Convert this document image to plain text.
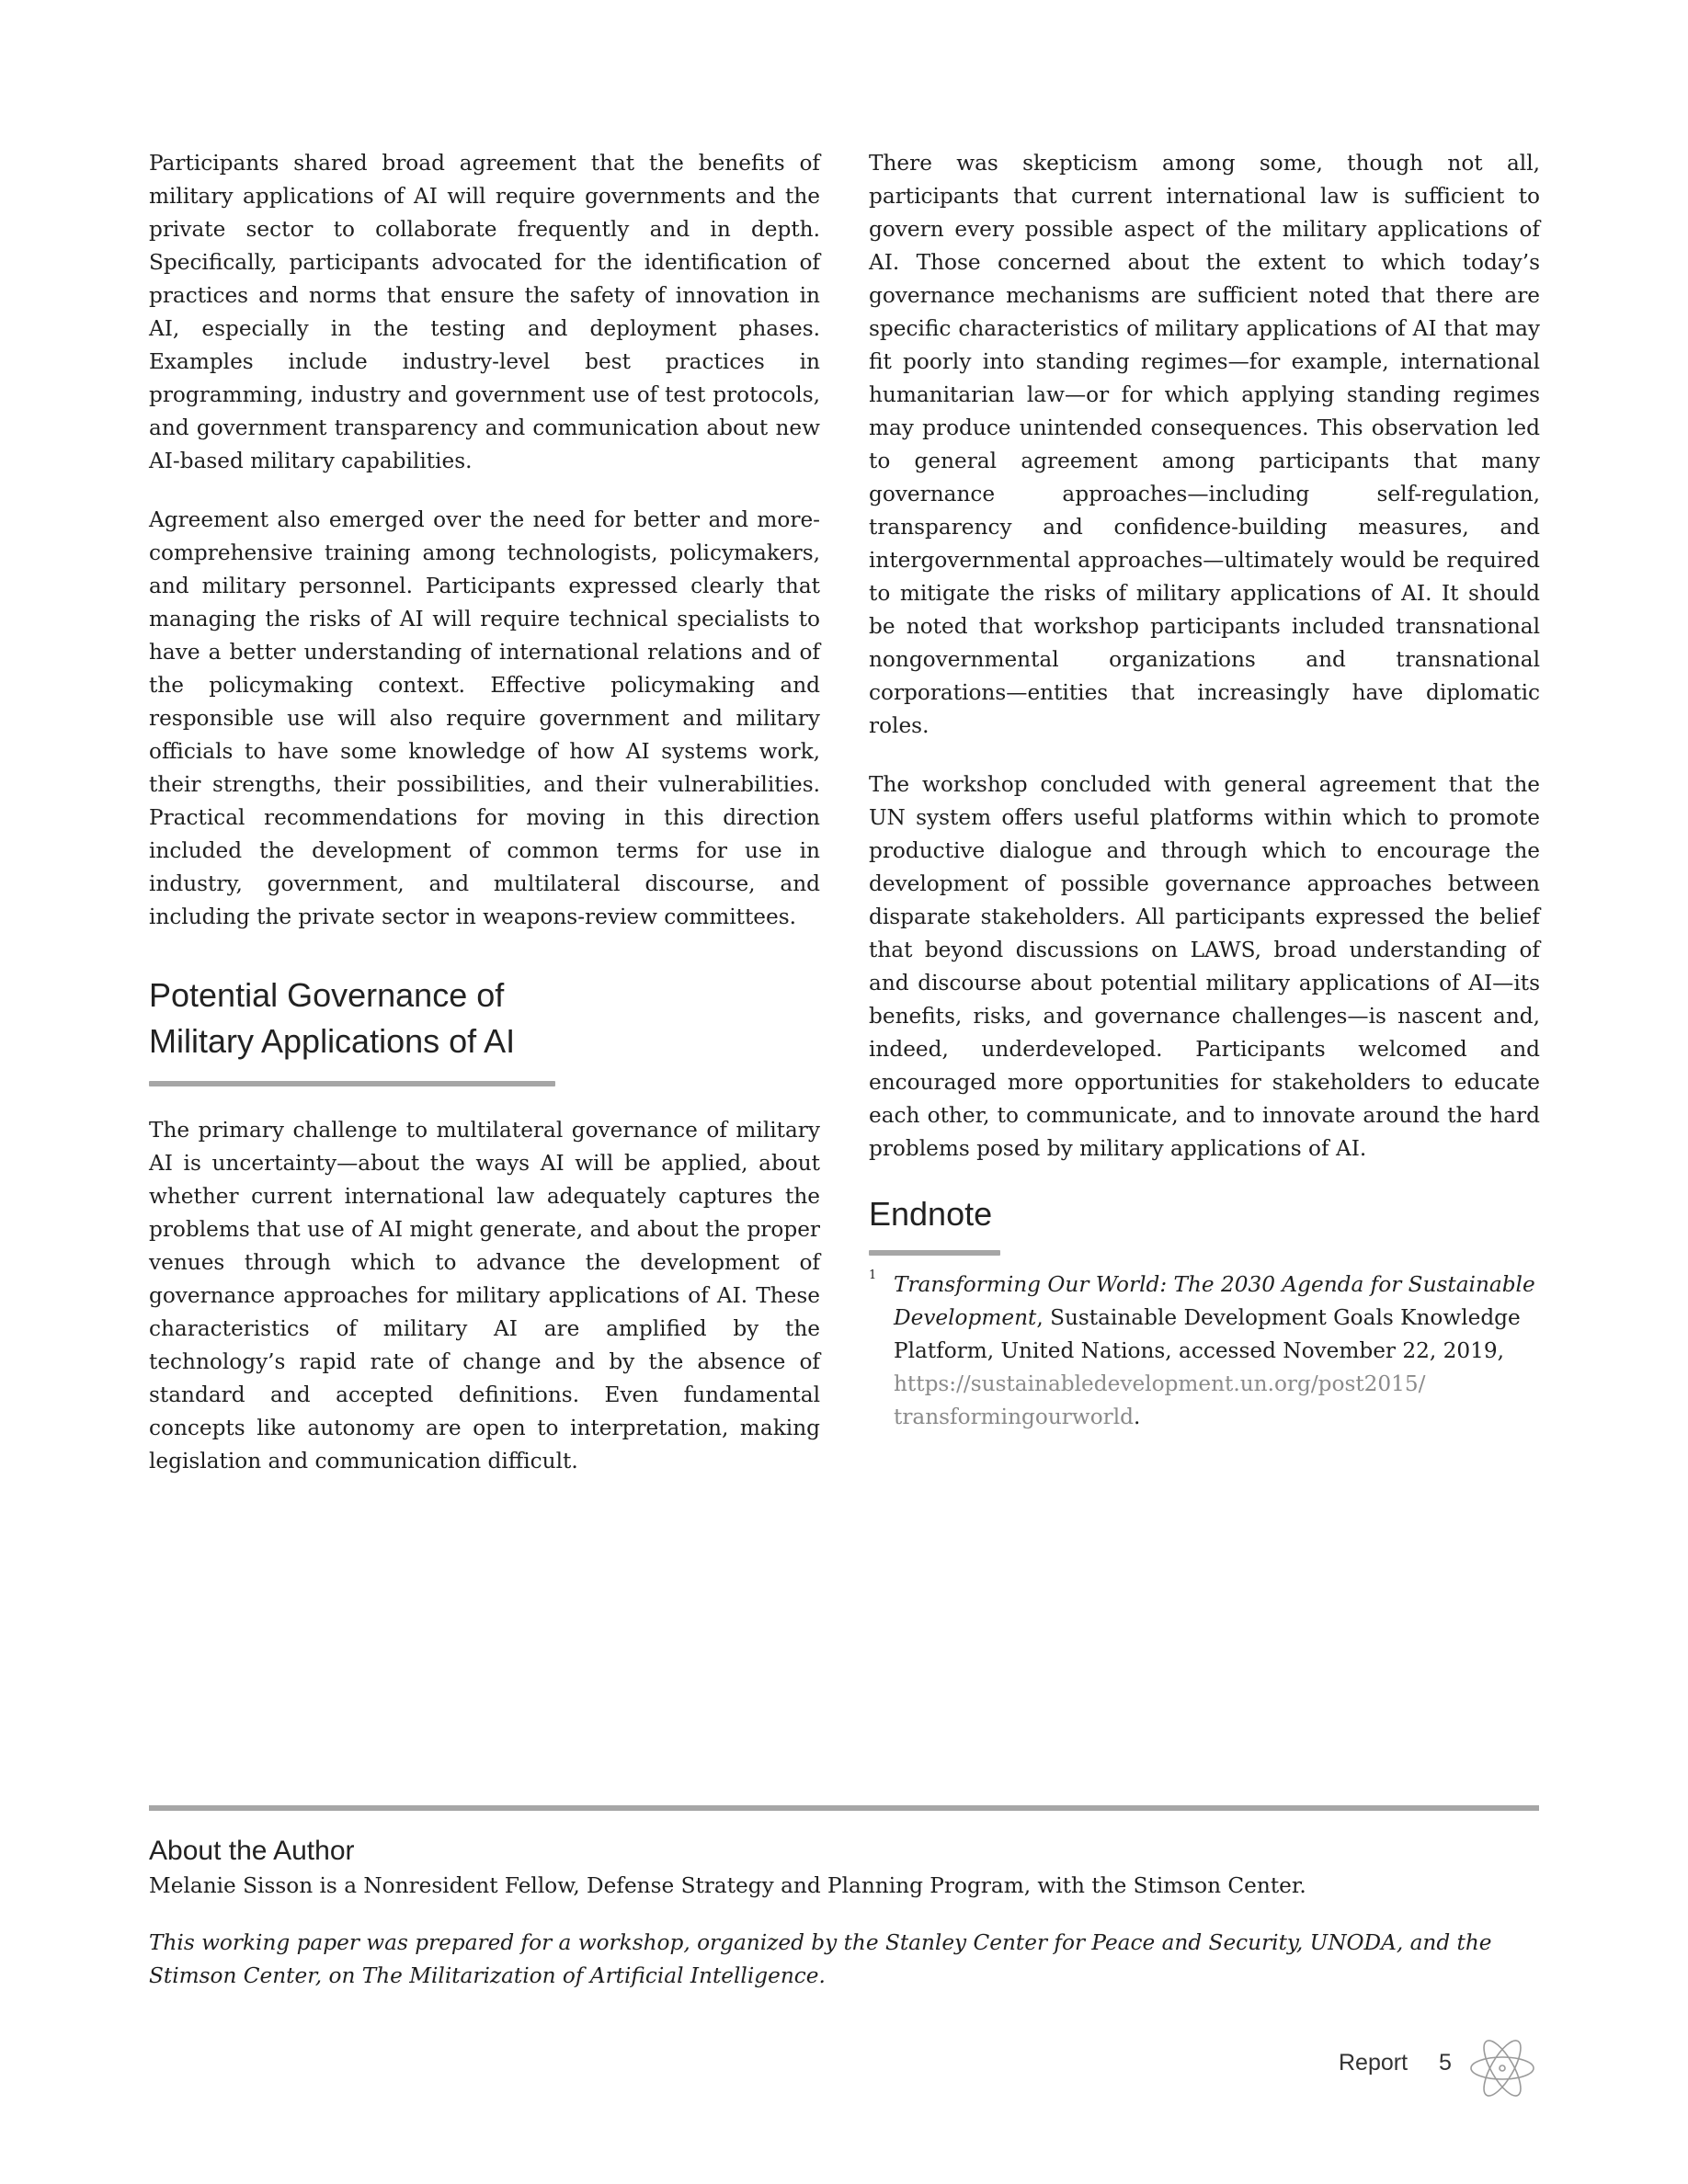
Participants shared broad agreement that the benefits of military applications of AI will require governments and the private sector to collaborate frequently and in depth. Specifically, participants advocated for the identification of practices and norms that ensure the safety of innovation in AI, especially in the testing and deployment phases. Examples include industry-level best practices in programming, industry and government use of test protocols, and government transparency and communication about new AI-based military capabilities.

Agreement also emerged over the need for better and more-comprehensive training among technologists, policymakers, and military personnel. Participants expressed clearly that managing the risks of AI will require technical specialists to have a better understanding of international relations and of the policymaking context. Effective policymaking and responsible use will also require government and military officials to have some knowledge of how AI systems work, their strengths, their possibilities, and their vulnerabilities. Practical recommendations for moving in this direction included the development of common terms for use in industry, government, and multilateral discourse, and including the private sector in weapons-review committees.

Potential Governance of
Military Applications of AI

The primary challenge to multilateral governance of military AI is uncertainty—about the ways AI will be applied, about whether current international law adequately captures the problems that use of AI might generate, and about the proper venues through which to advance the development of governance approaches for military applications of AI. These characteristics of military AI are amplified by the technology’s rapid rate of change and by the absence of standard and accepted definitions. Even fundamental concepts like autonomy are open to interpretation, making legislation and communication difficult.

There was skepticism among some, though not all, participants that current international law is sufficient to govern every possible aspect of the military applications of AI. Those concerned about the extent to which today’s governance mechanisms are sufficient noted that there are specific characteristics of military applications of AI that may fit poorly into standing regimes—for example, international humanitarian law—or for which applying standing regimes may produce unintended consequences. This observation led to general agreement among participants that many governance approaches—including self-regulation, transparency and confidence-building measures, and intergovernmental approaches—ultimately would be required to mitigate the risks of military applications of AI. It should be noted that workshop participants included transnational nongovernmental organizations and transnational corporations—entities that increasingly have diplomatic roles.

The workshop concluded with general agreement that the UN system offers useful platforms within which to promote productive dialogue and through which to encourage the development of possible governance approaches between disparate stakeholders. All participants expressed the belief that beyond discussions on LAWS, broad understanding of and discourse about potential military applications of AI—its benefits, risks, and governance challenges—is nascent and, indeed, underdeveloped. Participants welcomed and encouraged more opportunities for stakeholders to educate each other, to communicate, and to innovate around the hard problems posed by military applications of AI.

Endnote
1 Transforming Our World: The 2030 Agenda for Sustainable Development, Sustainable Development Goals Knowledge Platform, United Nations, accessed November 22, 2019,
https://sustainabledevelopment.un.org/post2015/
transformingourworld.
About the Author
Melanie Sisson is a Nonresident Fellow, Defense Strategy and Planning Program, with the Stimson Center.
This working paper was prepared for a workshop, organized by the Stanley Center for Peace and Security, UNODA, and the Stimson Center, on The Militarization of Artificial Intelligence.
Report 5
